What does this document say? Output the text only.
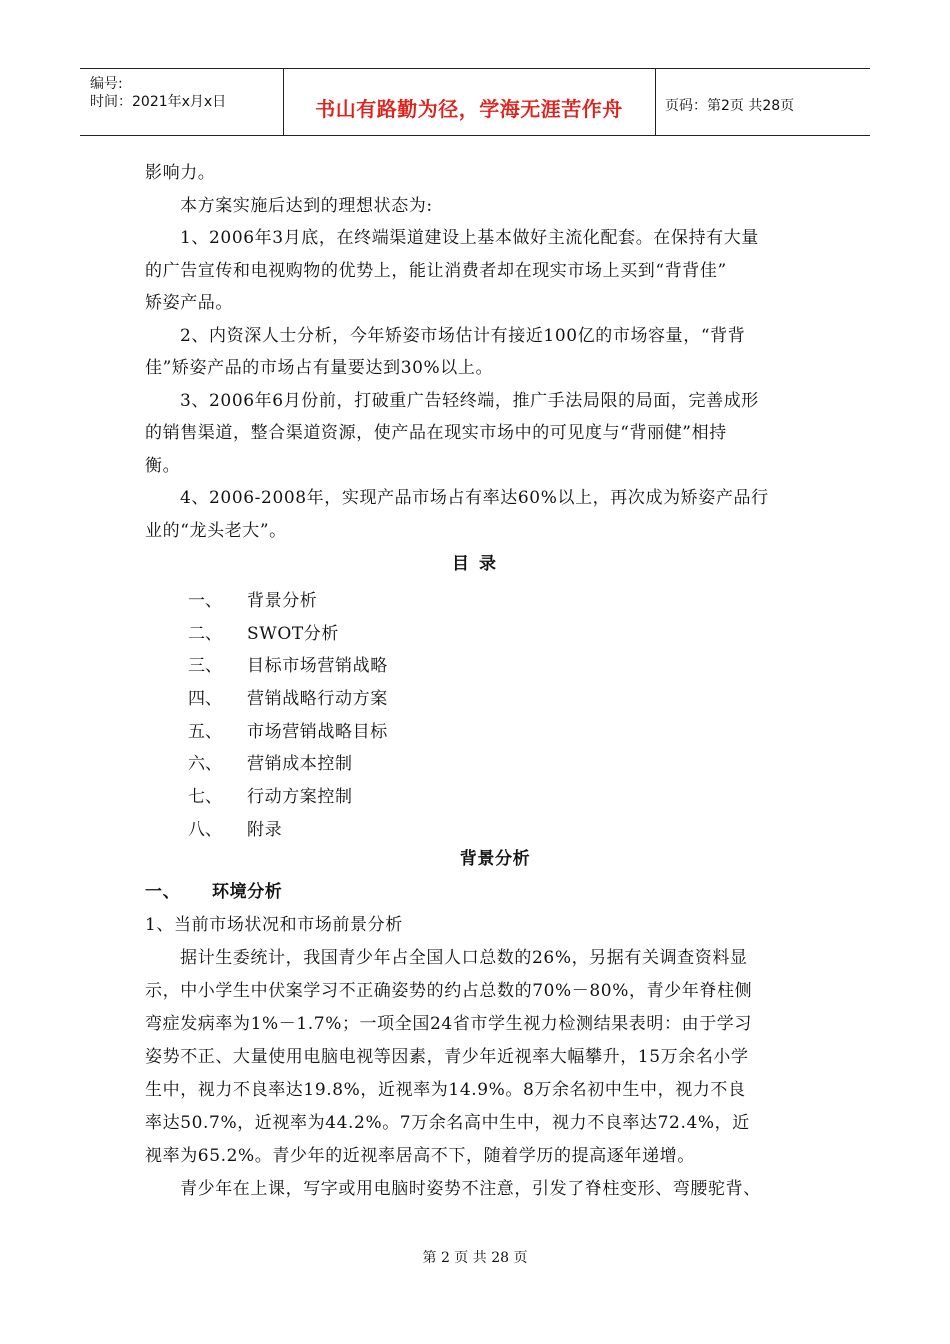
编号:
时间：2021年x月x日	书山有路勤为径，学海无涯苦作舟	页码：第2页 共28页
影响力。
本方案实施后达到的理想状态为:
1、2006年3月底，在终端渠道建设上基本做好主流化配套。在保持有大量
的广告宣传和电视购物的优势上，能让消费者却在现实市场上买到“背背佳”
矫姿产品。
2、内资深人士分析，今年矫姿市场估计有接近100亿的市场容量，“背背
佳”矫姿产品的市场占有量要达到30%以上。
3、2006年6月份前，打破重广告轻终端，推广手法局限的局面，完善成形
的销售渠道，整合渠道资源，使产品在现实市场中的可见度与“背丽健”相持
衡。
4、2006-2008年，实现产品市场占有率达60%以上，再次成为矫姿产品行
业的“龙头老大”。
目 录
一、 背景分析
二、 SWOT分析
三、 目标市场营销战略
四、 营销战略行动方案
五、 市场营销战略目标
六、 营销成本控制
七、 行动方案控制
八、 附录
背景分析
一、 环境分析
1、当前市场状况和市场前景分析
据计生委统计，我国青少年占全国人口总数的26%，另据有关调查资料显
示，中小学生中伏案学习不正确姿势的约占总数的70%－80%，青少年脊柱侧
弯症发病率为1%－1.7%；一项全国24省市学生视力检测结果表明：由于学习
姿势不正、大量使用电脑电视等因素，青少年近视率大幅攀升，15万余名小学
生中，视力不良率达19.8%，近视率为14.9%。8万余名初中生中，视力不良
率达50.7%，近视率为44.2%。7万余名高中生中，视力不良率达72.4%，近
视率为65.2%。青少年的近视率居高不下，随着学历的提高逐年递增。
青少年在上课，写字或用电脑时姿势不注意，引发了脊柱变形、弯腰驼背、
第 2 页 共 28 页
